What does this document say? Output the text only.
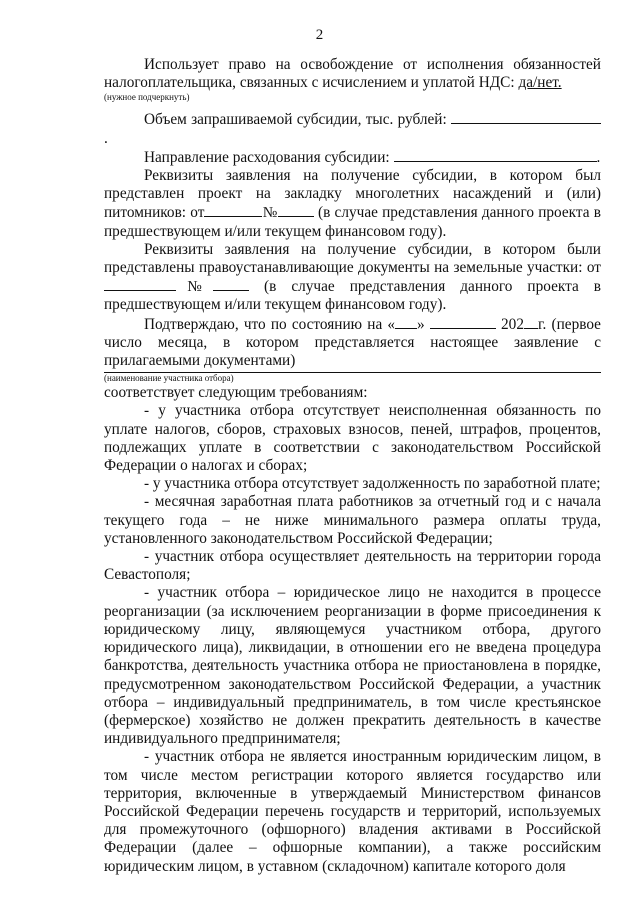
2

Использует право на освобождение от исполнения обязанностей налогоплательщика, связанных с исчислением и уплатой НДС: да/нет.

(нужное подчеркнуть)

Объем запрашиваемой субсидии, тыс. рублей: .

Направление расходования субсидии:	.

Реквизиты заявления на получение субсидии, в котором был представлен проект на закладку многолетних насаждений и (или) питомников: от	№ (в случае представления данного проекта в предшествующем и/или текущем финансовом году).

Реквизиты заявления на получение субсидии, в котором были представлены правоустанавливающие документы на земельные участки: от№ (в случае представления данного проекта в предшествующем и/или текущем финансовом году).

Подтверждаю, что по состоянию на « »	202 г. (первое число месяца, в котором представляется настоящее заявление с прилагаемыми документами)

(наименование участника отбора)

соответствует следующим требованиям:

- у участника отбора отсутствует неисполненная обязанность по уплате налогов, сборов, страховых взносов, пеней, штрафов, процентов, подлежащих уплате в соответствии с законодательством Российской Федерации о налогах и сборах;

- у участника отбора отсутствует задолженность по заработной плате;

- месячная заработная плата работников за отчетный год и с начала текущего года – не ниже минимального размера оплаты труда, установленного законодательством Российской Федерации;

- участник отбора осуществляет деятельность на территории города Севастополя;

- участник отбора – юридическое лицо не находится в процессе реорганизации (за исключением реорганизации в форме присоединения к юридическому лицу, являющемуся участником отбора, другого юридического лица), ликвидации, в отношении его не введена процедура банкротства, деятельность участника отбора не приостановлена в порядке, предусмотренном законодательством Российской Федерации, а участник отбора – индивидуальный предприниматель, в том числе крестьянское (фермерское) хозяйство не должен прекратить деятельность в качестве индивидуального предпринимателя;

- участник отбора не является иностранным юридическим лицом, в том числе местом регистрации которого является государство или территория, включенные в утверждаемый Министерством финансов Российской Федерации перечень государств и территорий, используемых для промежуточного (офшорного) владения активами в Российской Федерации (далее – офшорные компании), а также российским юридическим лицом, в уставном (складочном) капитале которого доля
